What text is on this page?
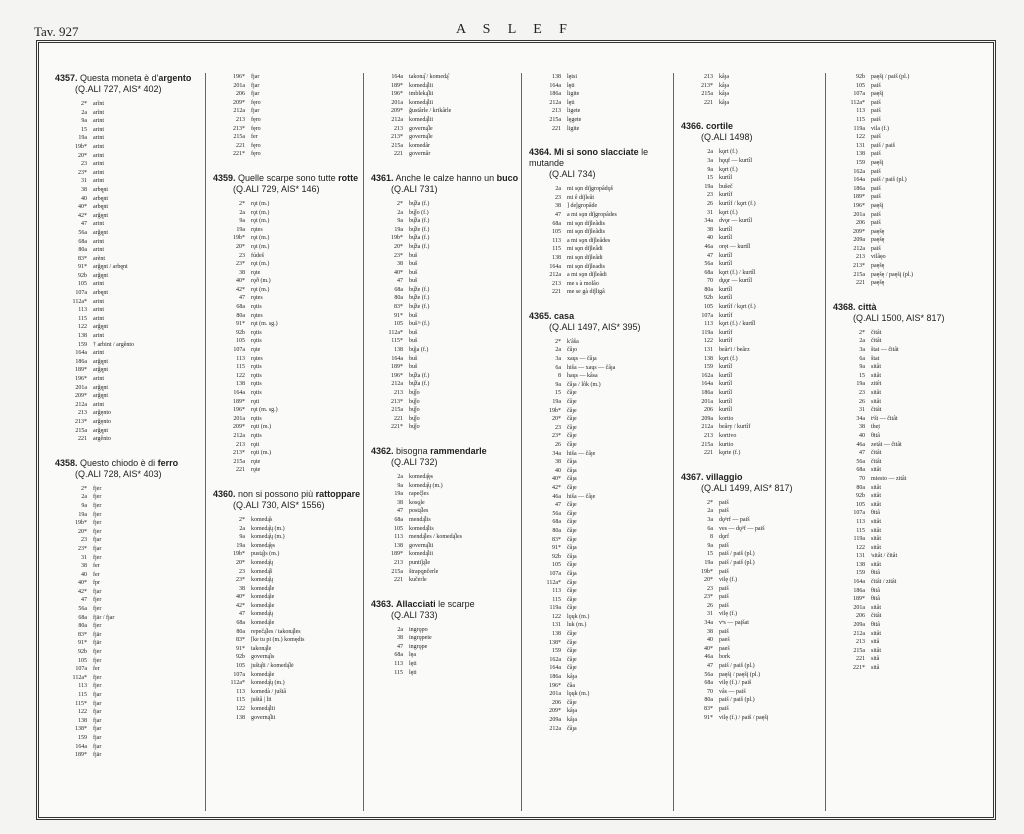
Tav. 927	A S L E F
4357. Questa moneta è d'argento
(Q.ALI 727, AIS* 402)
2* arĩnt
2a arĩnt
9a arint
15 arint
19a arint
19b* arint
20* arint
23 arint
23* arint
31 arint
38 arbę̨nt
40 arbę̨nt
40* arbę̨nt
42* arğę̨nt
47 arint
56a arğę̨nt
68a arint
80a arint
83* arẽnt
91* arğę̨nt / arbę̨nt
92b arğę̨nt
105 arint
107a arbę̨nt
112a* arint
113 arint
115 arint
122 arğę̨nt
138 arint
159 † arbint / argênto
164a arint
186a arğę̨nt
189* arğę̨nt
196* arint
201a arğę̨nt
209* arğę̨nt
212a arint
213 arğęnto
213* arğęnto
215a arğę̨nt
221 argênto
4358. Questo chiodo è di ferro
(Q.ALI 728, AIS* 403)
2* fjer
2a fjer
9a fjer
19a fjer
19b* fjer
20* fjer
23 fjar
23* fjar
31 fjer
38 fer
40 fer
40* fpr
42* fjar
47 fjer
56a fjer
68a fjär / fjar
80a fjer
83* fjär
91* fjär
92b fjer
105 fjer
107a fer
112a* fjer
113 fjer
115 fjar
115* fjar
122 fjar
138 fjar
138* fjar
159 fjar
164a fjar
189* fjär
196* fjar
201a fjar
206 fjar
209* fęro
212a fjar
213 fęro
213* fęro
215a fer
221 fęro
221* fęro
4359. Quelle scarpe sono tutte rotte
(Q.ALI 729, AIS* 146)
2* rǫt (m.)
2a rǫt (m.)
9a rǫt (m.)
19a rǫtes
19b* rǫt (m.)
20* rǫt (m.)
23 fúdeš
23* rǫt (m.)
38 rǫte
40* rǫð (m.)
42* rǫt (m.)
47 rǫtes
68a rǫtis
80a rǫtes
91* rǫt (m. sg.)
92b rǫtis
105 rǫtis
107a rǫte
113 rǫtes
115 rǫtis
122 rǫtis
138 rǫtis
164a rǫtis
189* rǫti
196* rǫt (m. sg.)
201a rǫtis
209* rǫti (m.)
212a rǫtis
213 rǫti
213* rǫti (m.)
215a rǫte
221 rǫte
4360. non si possono più rattoppare
(Q.ALI 730, AIS* 1556)
2* komedą̂s
2a komedą̂ų (m.)
9a komedą̂ų (m.)
19a komedą̂ęs
19b* pustą̂js (m.)
20* komedą̂ų
23 komedą̂š
23* komedą̂ų
38 komedą̂le
40* komedą̂ie
42* komedą̂ie
47 komedą̂ų
68a komedą̂ie
80a repečą̂les / takoną̂les
83* [ke tu pi (m.) komędis
91* takoną̂le
92b governą̂is
105 juštą̂ti / komedą̂lė
107a komedą̂ie
112a* komedą̂ų (m.)
113 komedà / juštâ
115 juštâ | lii
122 komedą̂lii
138 governą̂lii
164a takoną̂ / komedą̂
189* komedą̂lii
196* imbleką̂lii
201a komedą̂lii
209* ğustârle / krikârle
212a komedą̂lii
213 governą̂le
213* governą̂le
215a komedâr
221 governâr
4361. Anche le calze hanno un buco
(Q.ALI 731)
2* bų̂ža (f.)
2a bų̂ǰo (f.)
9a bų̂ža (f.)
19a bų̂že (f.)
19b* bų̂ža (f.)
20* bų̂ža (f.)
23* buš
38 buš
40* buš
47 buš
68a bų̂že (f.)
80a bų̂že (f.)
83* bų̂že (f.)
91* buš
105 bušᴶᵃ (f.)
112a* buš
115* buš
138 bų̂ja (f.)
164a buš
189* buš
196* bų̂ža (f.)
212a bų̂ža (f.)
213 bų̂ǰo
213* bų̂ǰo
215a bų̂ǰo
221 bų̂ǰo
221* bų̂ǰo
4362. bisogna rammendarle
(Q.ALI 732)
2a komedą̂ęs
9a komedą̂ų (m.)
19a rapeč̨les
38 kosǫ̨le
47 postą̂les
68a mendą̂lis
105 komedą̂lis
113 mendą̂les / komedą̂les
138 governą̂lii
189* komedą̂lii
213 puntiǰą̂le
215a štrapǫ̨nčerle
221 kučerle
4363. Allacciati le scarpe
(Q.ALI 733)
2a ingrǫpo
38 ingrǫpete
47 ingrǫpe
68a lȩa
113 lȩti
115 lȩti
138 lȩtsi
164a lȩti
186a ligite
212a lȩti
213 ligete
215a lȩgete
221 ligite
4364. Mi si sono slacciate le mutande
(Q.ALI 734)
2a mi sǫn diǰgropâdǫš
23 mi ê diǰleât
38 ] deǰgropâde
47 a mi sǫn diǰgropâdes
68a mi sǫn diǰleâdis
105 mi sǫn diǰleâdis
113 a mi sǫn diǰleâdes
115 mi sǫn diǰleâdi
138 mi sǫn diǰleâdi
164a mi sǫn diǰleadis
212a a mi sǫn diǰleâdi
213 me s à molâo
221 me se gà diǰligâ
4365. casa
(Q.ALI 1497, AIS* 395)
2* k'âša
2a čâȷo
3a xaųs — čâȷa
6a hiša — xaųs — čâȷa
8 haųs — kâsa
9a čâȷa / lôk (m.)
15 čâȷe
19a čâȷe
19b* čâȷe
20* čâȷe
23 čâȷe
23* čâȷe
26 čâȷe
34a hiša — čâȷe
38 čâȷa
40 čâȷa
40* čâȷa
42* čâȷe
46a hiša — čâȷe
47 čâȷe
56a čâȷe
68a čâȷe
80a čâȷe
83* čâȷe
91* čâȷa
92b čâȷa
105 čâȷe
107a čâȷa
112a* čâȷe
113 čâȷe
115 čâȷe
119a čâȷe
122 lǫųk (m.)
131 luk (m.)
138 čâȷe
138* čâȷe
159 čâȷe
162a čâȷe
164a čâȷe
186a kâȷa
196* čâa
201a lǫųk (m.)
206 čâȷe
209* kâȷa
209a kâȷa
212a čâȷa
213 kâȷa
213* kâȷa
215a kâȷa
221 kâȷa
4366. cortile
(Q.ALI 1498)
2a kǫrt (f.)
3a hǫųf — kurtîl
9a kǫrt (f.)
15 kurtîl
19a bušeč
23 kurtîf
26 kurtîf / kǫrt (f.)
31 kǫrt (f.)
34a dvǫr — kurtîl
38 kurtîl
40 kurtîl
46a oręt — kurtîl
47 kurtîl
56a kurtîl
68a kǫrt (f.) / kurtîl
70 dṷǫr — kurtîl
80a kurtîl
92b kurtîl
105 kurtîf / kǫrt (f.)
107a kurtîf
113 kǫrt (f.) / kurtîl
119a kurtîf
122 kurtîf
131 beâr'i / beârz
138 kǫrt (f.)
159 kurtîl
162a kurtîl
164a kurtîl
186a kurtîl
201a kurtîl
206 kurtîl
209a kortio
212a beâry / kurtîf
213 kortivo
215a kurtio
221 kǫrte (f.)
4367. villaggio
(Q.ALI 1499, AIS* 817)
2* paiš
2a paiš
3a dǫᵖrf — paiš
6a ves — dǫᵖf — paiš
8 dǫrf
9a paiš
15 paiš / paiš (pl.)
19a paiš / paiš (pl.)
19b* paiš
20* vilę (f.)
23 paiš
23* paiš
26 paiš
31 vilę (f.)
34a vᵉs — paįšat
38 paiš
40 paeš
40* paeš
46a bork
47 paiš / paiš (pl.)
56a paęšį / paęšį (pl.)
68a vilę (f.) / paiš
70 vâs — paiš
80a paiš / paiš (pl.)
83* paiš
91* vilę (f.) / paiš / paęšį
92b paęšį / paiš (pl.)
105 paiš
107a paęšį
112a* paiš
113 paiš
115 paiš
119a vila (f.)
122 paiš
131 paiš / paiš
138 paiš
159 paęšį
162a paiš
164a paiš / paiš (pl.)
186a paiš
189* paiš
196* paęšį
201a paiš
206 paiš
209* paęšę
209a paęšę
212a paiš
213 vilâęo
213* paęšę
215a paęšę / paęšį (pl.)
221 paęšę
4368. città
(Q.ALI 1500, AIS* 817)
2* čitât
2a čitât
3a štat — čitât
6a štat
9a sitât
15 sitât
19a zitêt
23 sitât
26 sitât
31 čitât
34a tᵉšt — čitât
38 the̜t
40 θitâ
46a zetât — čitât
47 čitât
56a čitât
68a sitât
70 miesto — zitât
80a sitât
92b sitât
105 sitât
107a θitâ
113 sitât
115 sitât
119a sitât
122 sitât
131 ᵗsitât / čitât
138 sitât
159 θitâ
164a čitât / zitât
186a θitâ
189* θitâ
201a sitât
206 čitât
209a θitâ
212a sitât
213 sitâ
215a sitât
221 sitâ
221* sitâ
